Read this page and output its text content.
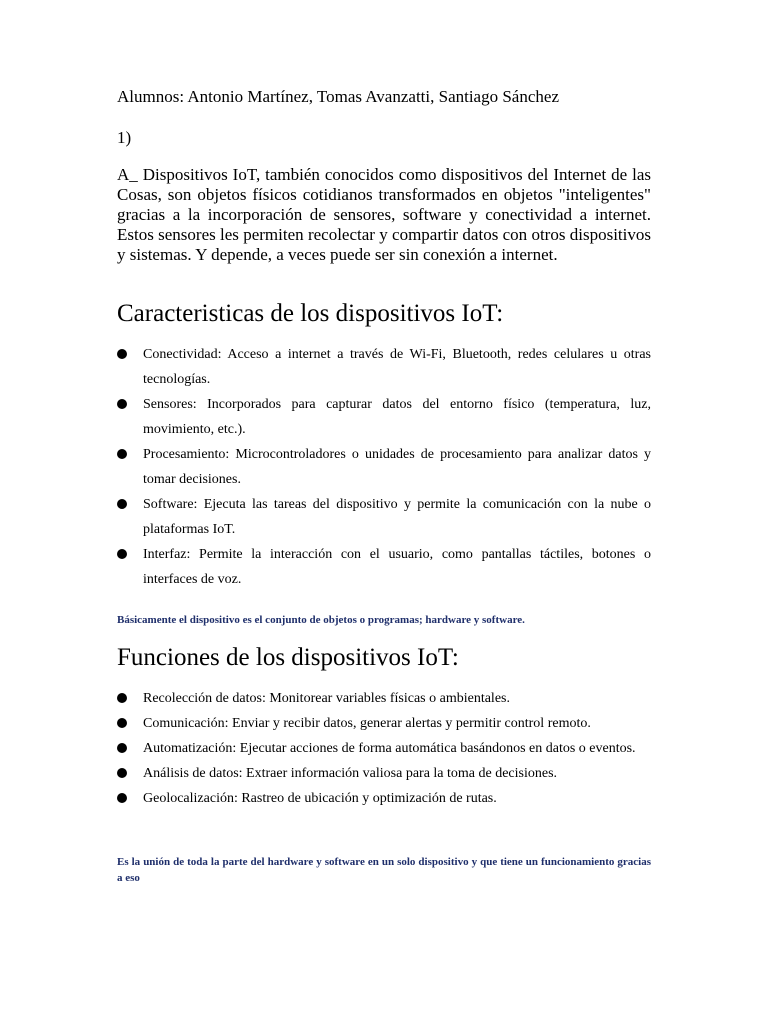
Alumnos: Antonio Martínez, Tomas Avanzatti, Santiago Sánchez
1)

A_ Dispositivos IoT, también conocidos como dispositivos del Internet de las Cosas, son objetos físicos cotidianos transformados en objetos "inteligentes" gracias a la incorporación de sensores, software y conectividad a internet. Estos sensores les permiten recolectar y compartir datos con otros dispositivos y sistemas. Y depende, a veces puede ser sin conexión a internet.

Caracteristicas de los dispositivos IoT:
Conectividad: Acceso a internet a través de Wi-Fi, Bluetooth, redes celulares u otras tecnologías.
Sensores: Incorporados para capturar datos del entorno físico (temperatura, luz, movimiento, etc.).
Procesamiento: Microcontroladores o unidades de procesamiento para analizar datos y tomar decisiones.
Software: Ejecuta las tareas del dispositivo y permite la comunicación con la nube o plataformas IoT.
Interfaz: Permite la interacción con el usuario, como pantallas táctiles, botones o interfaces de voz.

Básicamente el dispositivo es el conjunto de objetos o programas; hardware y software.

Funciones de los dispositivos IoT:
Recolección de datos: Monitorear variables físicas o ambientales.
Comunicación: Enviar y recibir datos, generar alertas y permitir control remoto.
Automatización: Ejecutar acciones de forma automática basándonos en datos o eventos.
Análisis de datos: Extraer información valiosa para la toma de decisiones.
Geolocalización: Rastreo de ubicación y optimización de rutas.

Es la unión de toda la parte del hardware y software en un solo dispositivo y que tiene un funcionamiento gracias a eso
